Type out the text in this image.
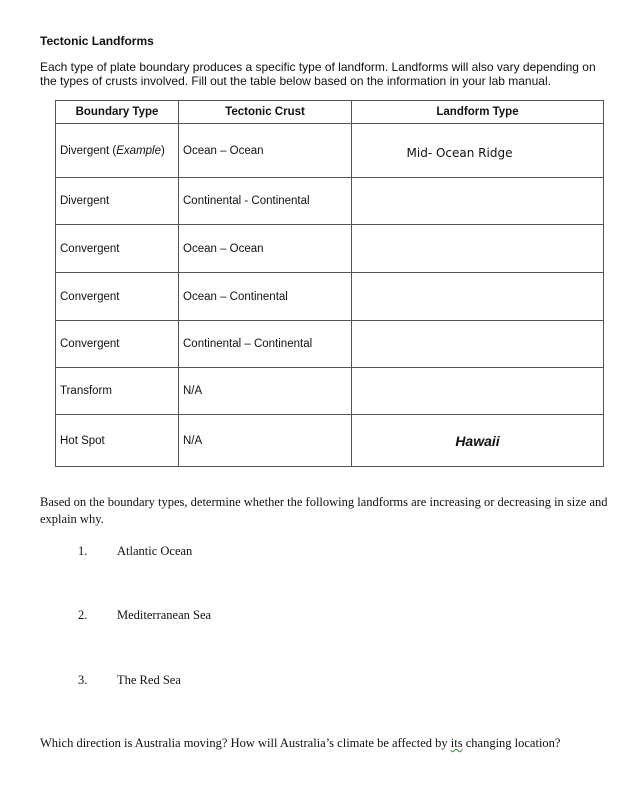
Tectonic Landforms
Each type of plate boundary produces a specific type of landform. Landforms will also vary depending on the types of crusts involved. Fill out the table below based on the information in your lab manual.
Boundary Type	Tectonic Crust	Landform Type
Divergent (Example)	Ocean – Ocean	Mid- Ocean Ridge
Divergent	Continental - Continental	
Convergent	Ocean – Ocean	
Convergent	Ocean – Continental	
Convergent	Continental – Continental	
Transform	N/A	
Hot Spot	N/A	Hawaii
Based on the boundary types, determine whether the following landforms are increasing or decreasing in size and explain why.
1. Atlantic Ocean
2. Mediterranean Sea
3. The Red Sea
Which direction is Australia moving? How will Australia’s climate be affected by its changing location?
